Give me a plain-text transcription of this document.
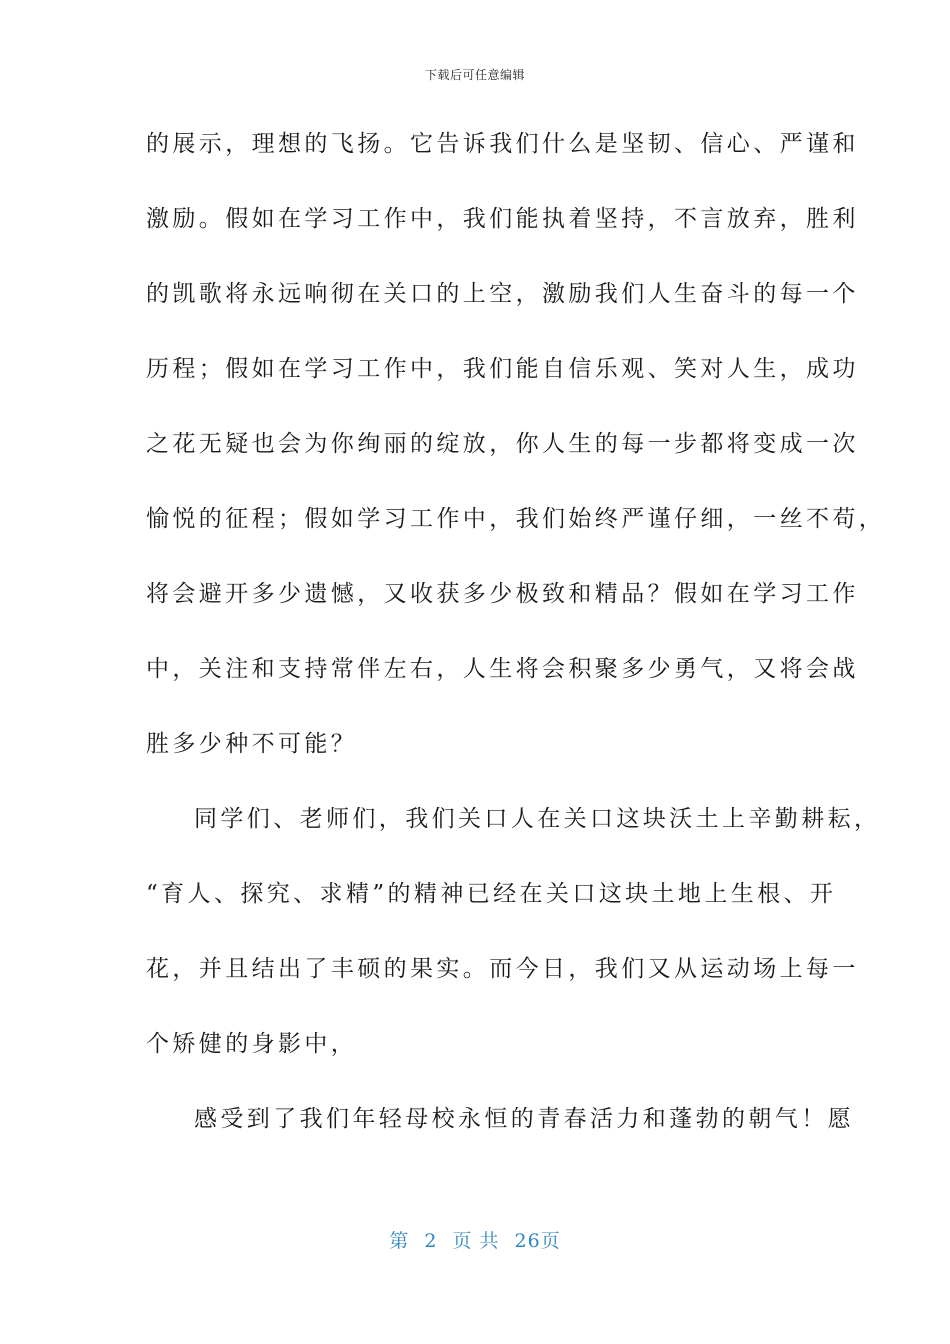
下载后可任意编辑
的展示，理想的飞扬。它告诉我们什么是坚韧、信心、严谨和
激励。假如在学习工作中，我们能执着坚持，不言放弃，胜利
的凯歌将永远响彻在关口的上空，激励我们人生奋斗的每一个
历程；假如在学习工作中，我们能自信乐观、笑对人生，成功
之花无疑也会为你绚丽的绽放，你人生的每一步都将变成一次
愉悦的征程；假如学习工作中，我们始终严谨仔细，一丝不苟，
将会避开多少遗憾，又收获多少极致和精品？假如在学习工作
中，关注和支持常伴左右，人生将会积聚多少勇气，又将会战
胜多少种不可能？
同学们、老师们，我们关口人在关口这块沃土上辛勤耕耘，
“育人、探究、求精”的精神已经在关口这块土地上生根、开
花，并且结出了丰硕的果实。而今日，我们又从运动场上每一
个矫健的身影中，
感受到了我们年轻母校永恒的青春活力和蓬勃的朝气！愿
第 2 页 共 26页
